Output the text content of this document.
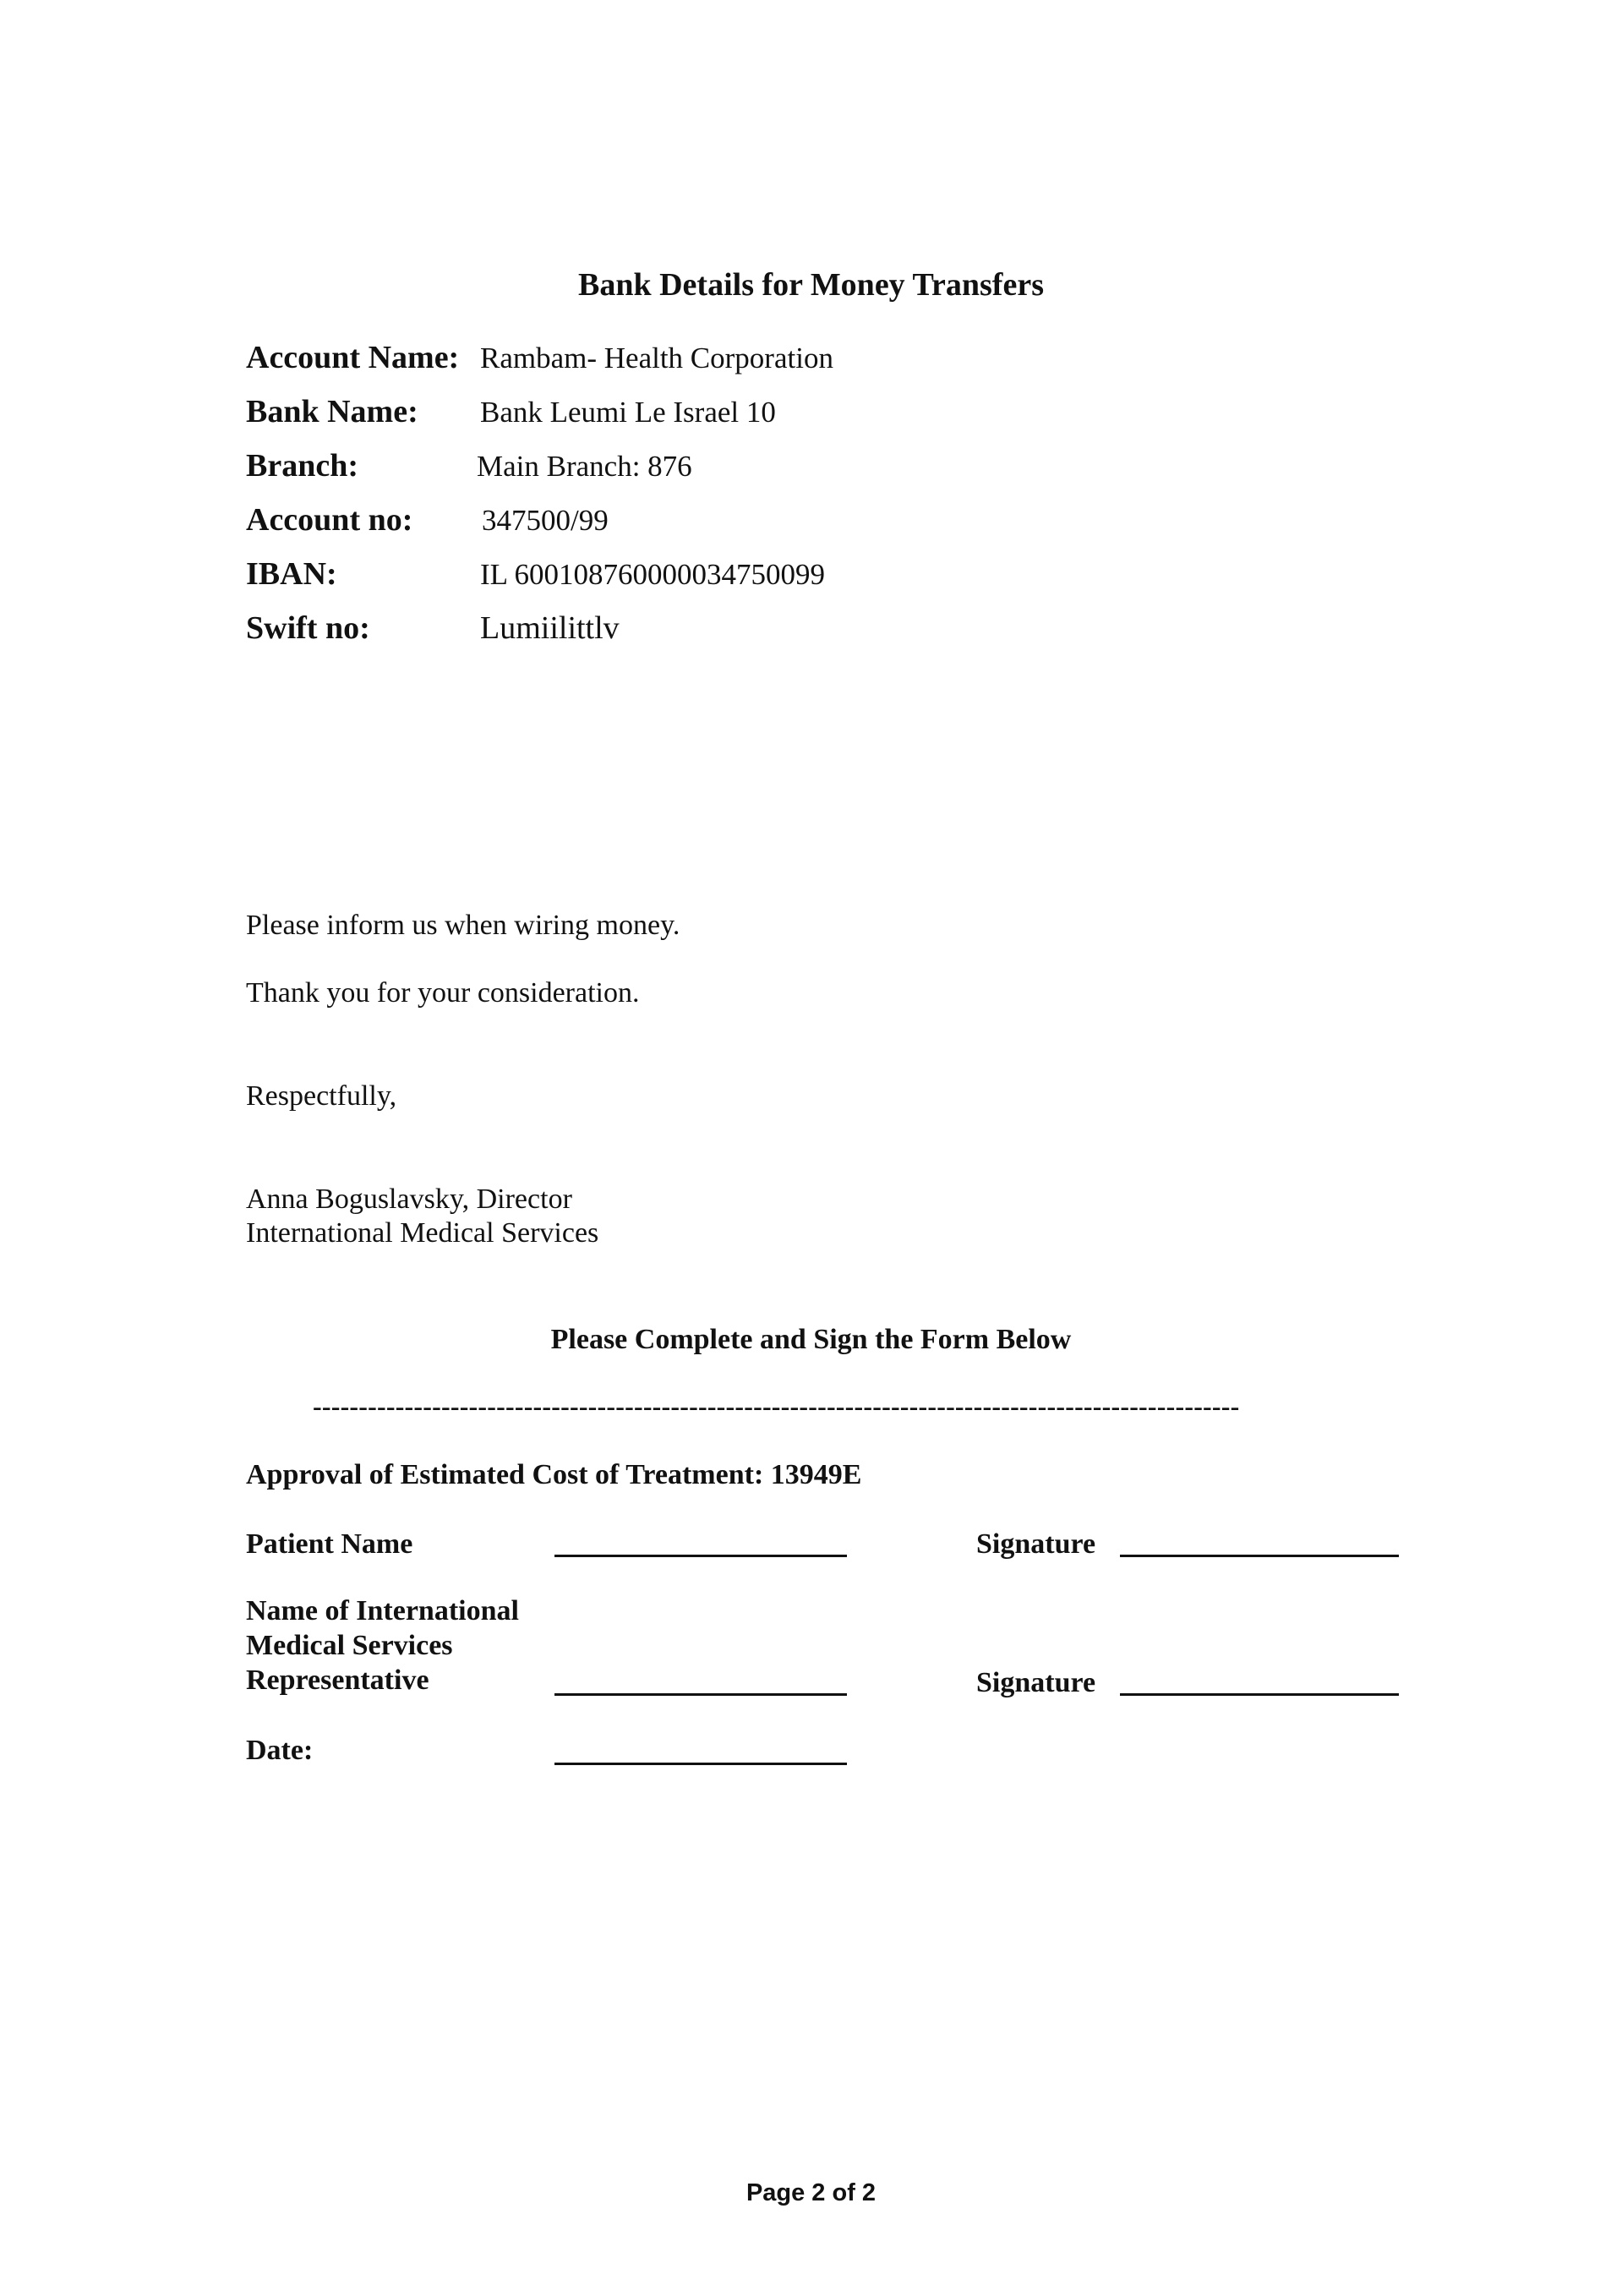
Bank Details for Money Transfers
Account Name: Rambam- Health Corporation
Bank Name: Bank Leumi Le Israel 10
Branch:	Main Branch: 876
Account no: 347500/99
IBAN:	IL 600108760000034750099
Swift no:	Lumiilittlv
Please inform us when wiring money.
Thank you for your consideration.
Respectfully,
Anna Boguslavsky, Director
International Medical Services
Please Complete and Sign the Form Below
-----------------------------------------------------------------------------------------------------
Approval of Estimated Cost of Treatment: 13949E
Patient Name	Signature
Name of International
Medical Services
Representative	Signature
Date:
Page 2 of 2
